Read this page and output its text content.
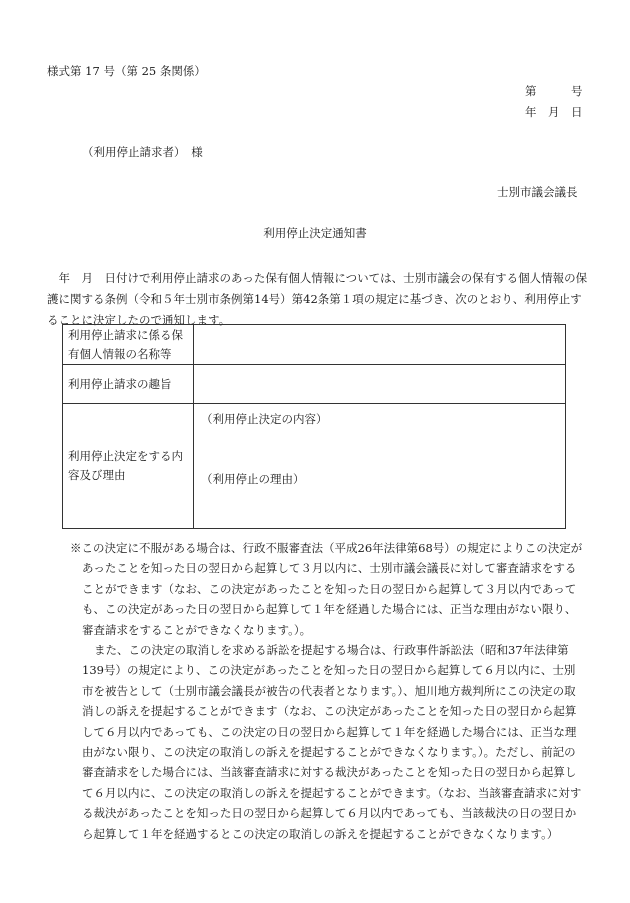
様式第 17 号（第 25 条関係）
第　　　号
年　月　日
（利用停止請求者）　様
士別市議会議長
利用停止決定通知書

年　月　日付けで利用停止請求のあった保有個人情報については、士別市議会の保有する個人情報の保護に関する条例（令和５年士別市条例第14号）第42条第１項の規定に基づき、次のとおり、利用停止することに決定したので通知します。

利用停止請求に係る保有個人情報の名称等	
利用停止請求の趣旨	
利用停止決定をする内容及び理由	（利用停止決定の内容）
（利用停止の理由）

※この決定に不服がある場合は、行政不服審査法（平成26年法律第68号）の規定によりこの決定があったことを知った日の翌日から起算して３月以内に、士別市議会議長に対して審査請求をすることができます（なお、この決定があったことを知った日の翌日から起算して３月以内であっても、この決定があった日の翌日から起算して１年を経過した場合には、正当な理由がない限り、審査請求をすることができなくなります。）。

また、この決定の取消しを求める訴訟を提起する場合は、行政事件訴訟法（昭和37年法律第139号）の規定により、この決定があったことを知った日の翌日から起算して６月以内に、士別市を被告として（士別市議会議長が被告の代表者となります。）、旭川地方裁判所にこの決定の取消しの訴えを提起することができます（なお、この決定があったことを知った日の翌日から起算して６月以内であっても、この決定の日の翌日から起算して１年を経過した場合には、正当な理由がない限り、この決定の取消しの訴えを提起することができなくなります。）。ただし、前記の審査請求をした場合には、当該審査請求に対する裁決があったことを知った日の翌日から起算して６月以内に、この決定の取消しの訴えを提起することができます。（なお、当該審査請求に対する裁決があったことを知った日の翌日から起算して６月以内であっても、当該裁決の日の翌日から起算して１年を経過するとこの決定の取消しの訴えを提起することができなくなります。）
